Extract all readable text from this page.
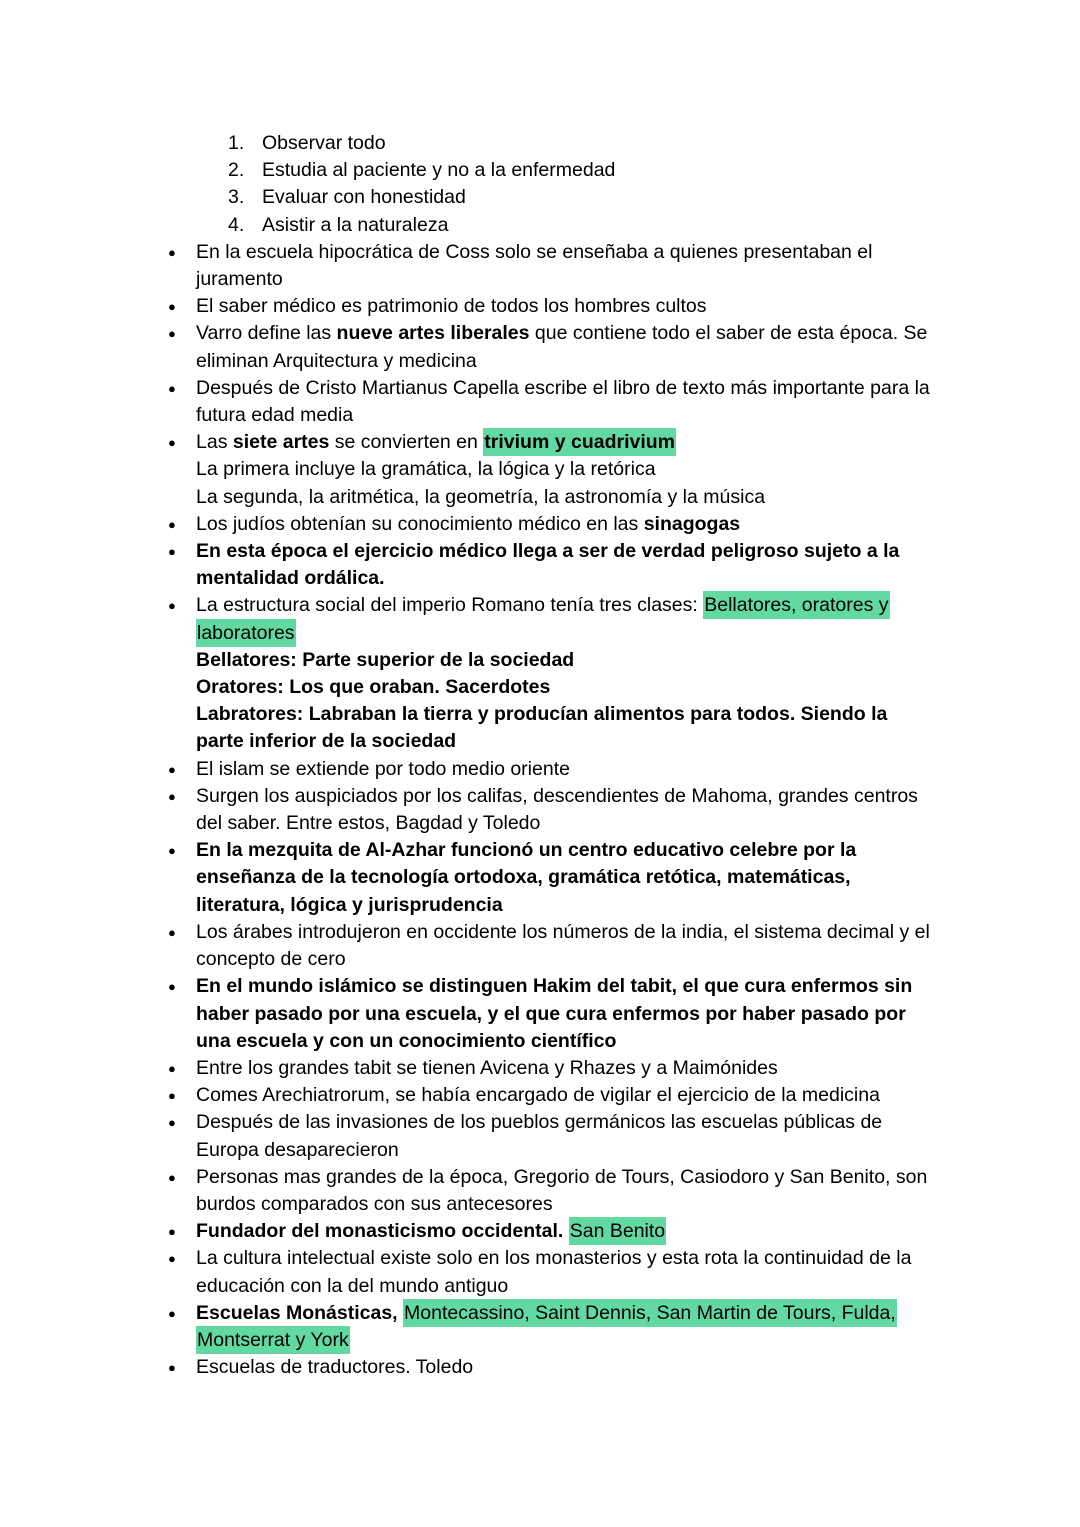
1. Observar todo
2. Estudia al paciente y no a la enfermedad
3. Evaluar con honestidad
4. Asistir a la naturaleza
●	En la escuela hipocrática de Coss solo se enseñaba a quienes presentaban el juramento
●	El saber médico es patrimonio de todos los hombres cultos
●	Varro define las nueve artes liberales que contiene todo el saber de esta época. Se eliminan Arquitectura y medicina
●	Después de Cristo Martianus Capella escribe el libro de texto más importante para la futura edad media
●	Las siete artes se convierten en trivium y cuadrivium
La primera incluye la gramática, la lógica y la retórica
La segunda, la aritmética, la geometría, la astronomía y la música
●	Los judíos obtenían su conocimiento médico en las sinagogas
●	En esta época el ejercicio médico llega a ser de verdad peligroso sujeto a la mentalidad ordálica.
●	La estructura social del imperio Romano tenía tres clases: Bellatores, oratores y laboratores
Bellatores: Parte superior de la sociedad
Oratores: Los que oraban. Sacerdotes
Labratores: Labraban la tierra y producían alimentos para todos. Siendo la parte inferior de la sociedad
●	El islam se extiende por todo medio oriente
●	Surgen los auspiciados por los califas, descendientes de Mahoma, grandes centros del saber. Entre estos, Bagdad y Toledo
●	En la mezquita de Al-Azhar funcionó un centro educativo celebre por la enseñanza de la tecnología ortodoxa, gramática retótica, matemáticas, literatura, lógica y jurisprudencia
●	Los árabes introdujeron en occidente los números de la india, el sistema decimal y el concepto de cero
●	En el mundo islámico se distinguen Hakim del tabit, el que cura enfermos sin haber pasado por una escuela, y el que cura enfermos por haber pasado por una escuela y con un conocimiento científico
●	Entre los grandes tabit se tienen Avicena y Rhazes y a Maimónides
●	Comes Arechiatrorum, se había encargado de vigilar el ejercicio de la medicina
●	Después de las invasiones de los pueblos germánicos las escuelas públicas de Europa desaparecieron
●	Personas mas grandes de la época, Gregorio de Tours, Casiodoro y San Benito, son burdos comparados con sus antecesores
●	Fundador del monasticismo occidental. San Benito
●	La cultura intelectual existe solo en los monasterios y esta rota la continuidad de la educación con la del mundo antiguo
●	Escuelas Monásticas, Montecassino, Saint Dennis, San Martin de Tours, Fulda, Montserrat y York
●	Escuelas de traductores. Toledo
